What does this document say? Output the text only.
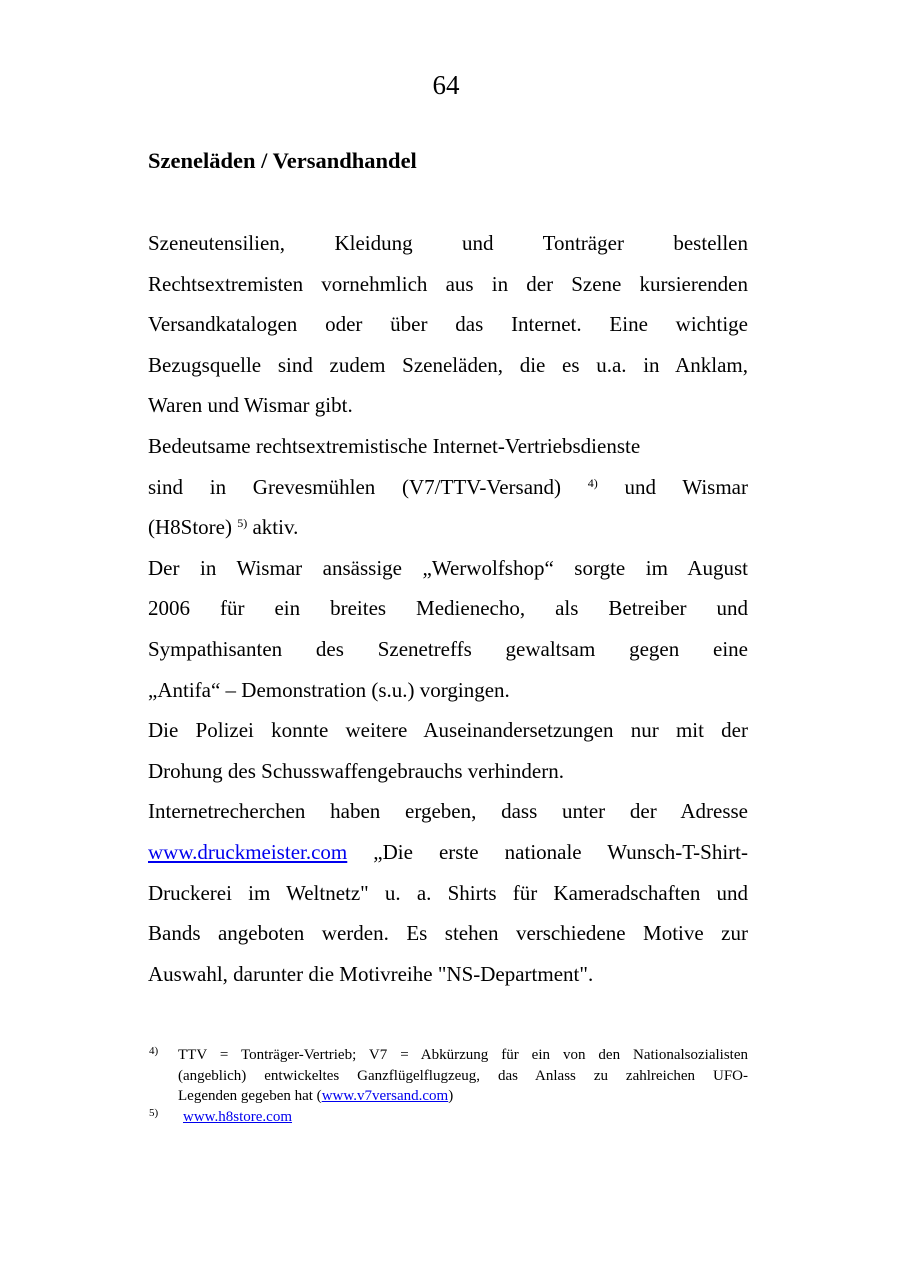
64
Szeneläden / Versandhandel
Szeneutensilien, Kleidung und Tonträger bestellen
Rechtsextremisten vornehmlich aus in der Szene kursierenden
Versandkatalogen oder über das Internet. Eine wichtige
Bezugsquelle sind zudem Szeneläden, die es u.a. in Anklam,
Waren und Wismar gibt.
Bedeutsame rechtsextremistische Internet-Vertriebsdienste
sind in Grevesmühlen (V7/TTV-Versand) $^{4)}$ und Wismar
(H8Store) $^{5)}$ aktiv.
Der in Wismar ansässige „Werwolfshop“ sorgte im August
2006 für ein breites Medienecho, als Betreiber und
Sympathisanten des Szenetreffs gewaltsam gegen eine
„Antifa“ – Demonstration (s.u.) vorgingen.
Die Polizei konnte weitere Auseinandersetzungen nur mit der
Drohung des Schusswaffengebrauchs verhindern.
Internetrecherchen haben ergeben, dass unter der Adresse
www.druckmeister.com „Die erste nationale Wunsch-T-Shirt-
Druckerei im Weltnetz" u. a. Shirts für Kameradschaften und
Bands angeboten werden. Es stehen verschiedene Motive zur
Auswahl, darunter die Motivreihe "NS-Department".
4) TTV = Tonträger-Vertrieb; V7 = Abkürzung für ein von den Nationalsozialisten
(angeblich) entwickeltes Ganzflügelflugzeug, das Anlass zu zahlreichen UFO-
Legenden gegeben hat (www.v7versand.com)
5)	www.h8store.com
